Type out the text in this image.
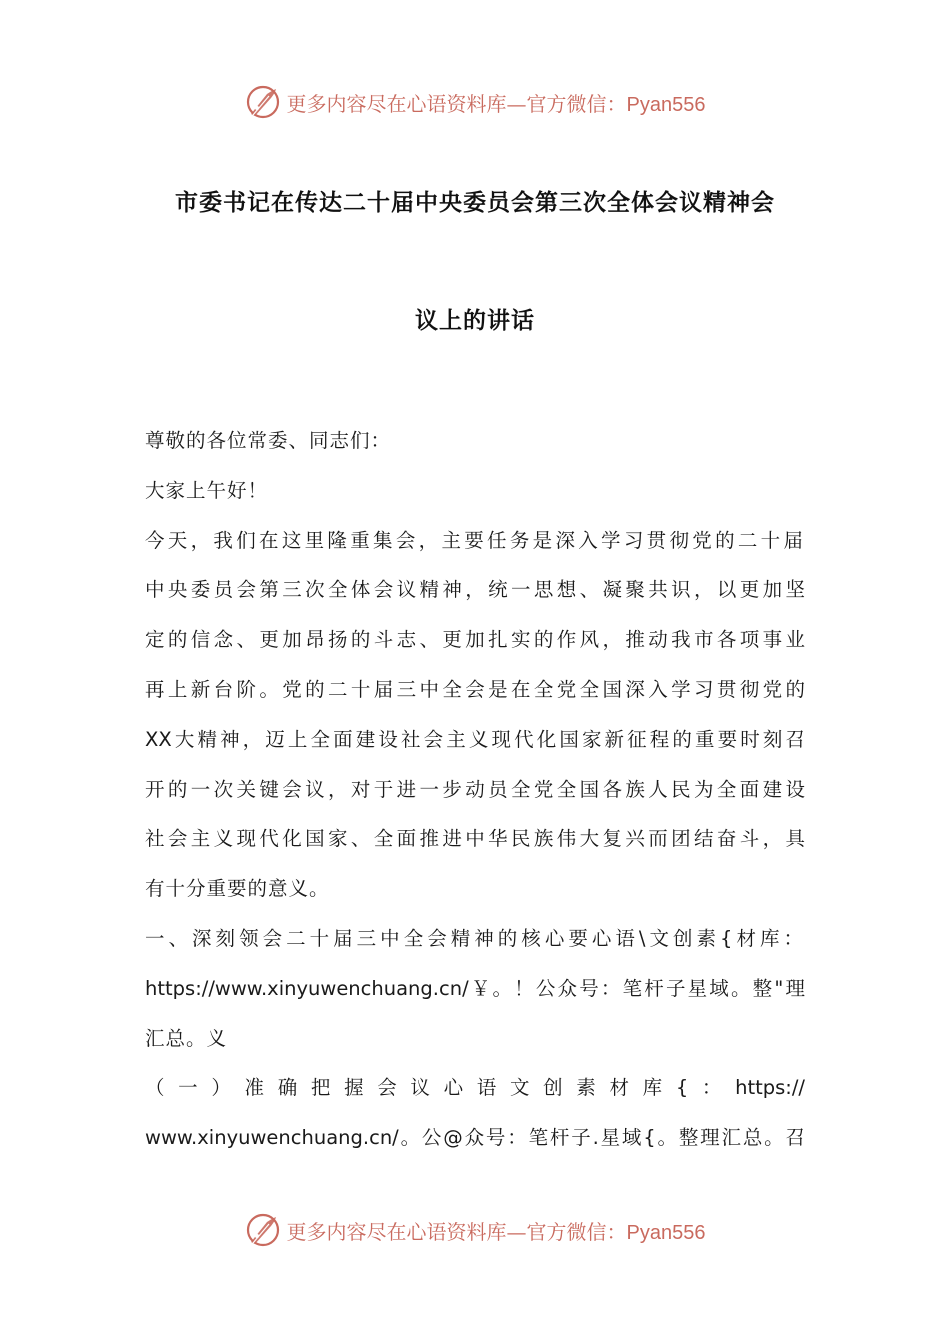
更多内容尽在心语资料库—官方微信：Pyan556
市委书记在传达二十届中央委员会第三次全体会议精神会
议上的讲话
尊敬的各位常委、同志们：
大家上午好！
今天，我们在这里隆重集会，主要任务是深入学习贯彻党的二十届
中央委员会第三次全体会议精神，统一思想、凝聚共识，以更加坚
定的信念、更加昂扬的斗志、更加扎实的作风，推动我市各项事业
再上新台阶。党的二十届三中全会是在全党全国深入学习贯彻党的
XX大精神，迈上全面建设社会主义现代化国家新征程的重要时刻召
开的一次关键会议，对于进一步动员全党全国各族人民为全面建设
社会主义现代化国家、全面推进中华民族伟大复兴而团结奋斗，具
有十分重要的意义。
一、深刻领会二十届三中全会精神的核心要心语\文创素{材库：
https://www.xinyuwenchuang.cn/￥。！公众号：笔杆子星域。整"理
汇总。义
（一）准确把握会议心语文创素材库{：https://
www.xinyuwenchuang.cn/。公@众号：笔杆子.星域{。整理汇总。召
更多内容尽在心语资料库—官方微信：Pyan556
